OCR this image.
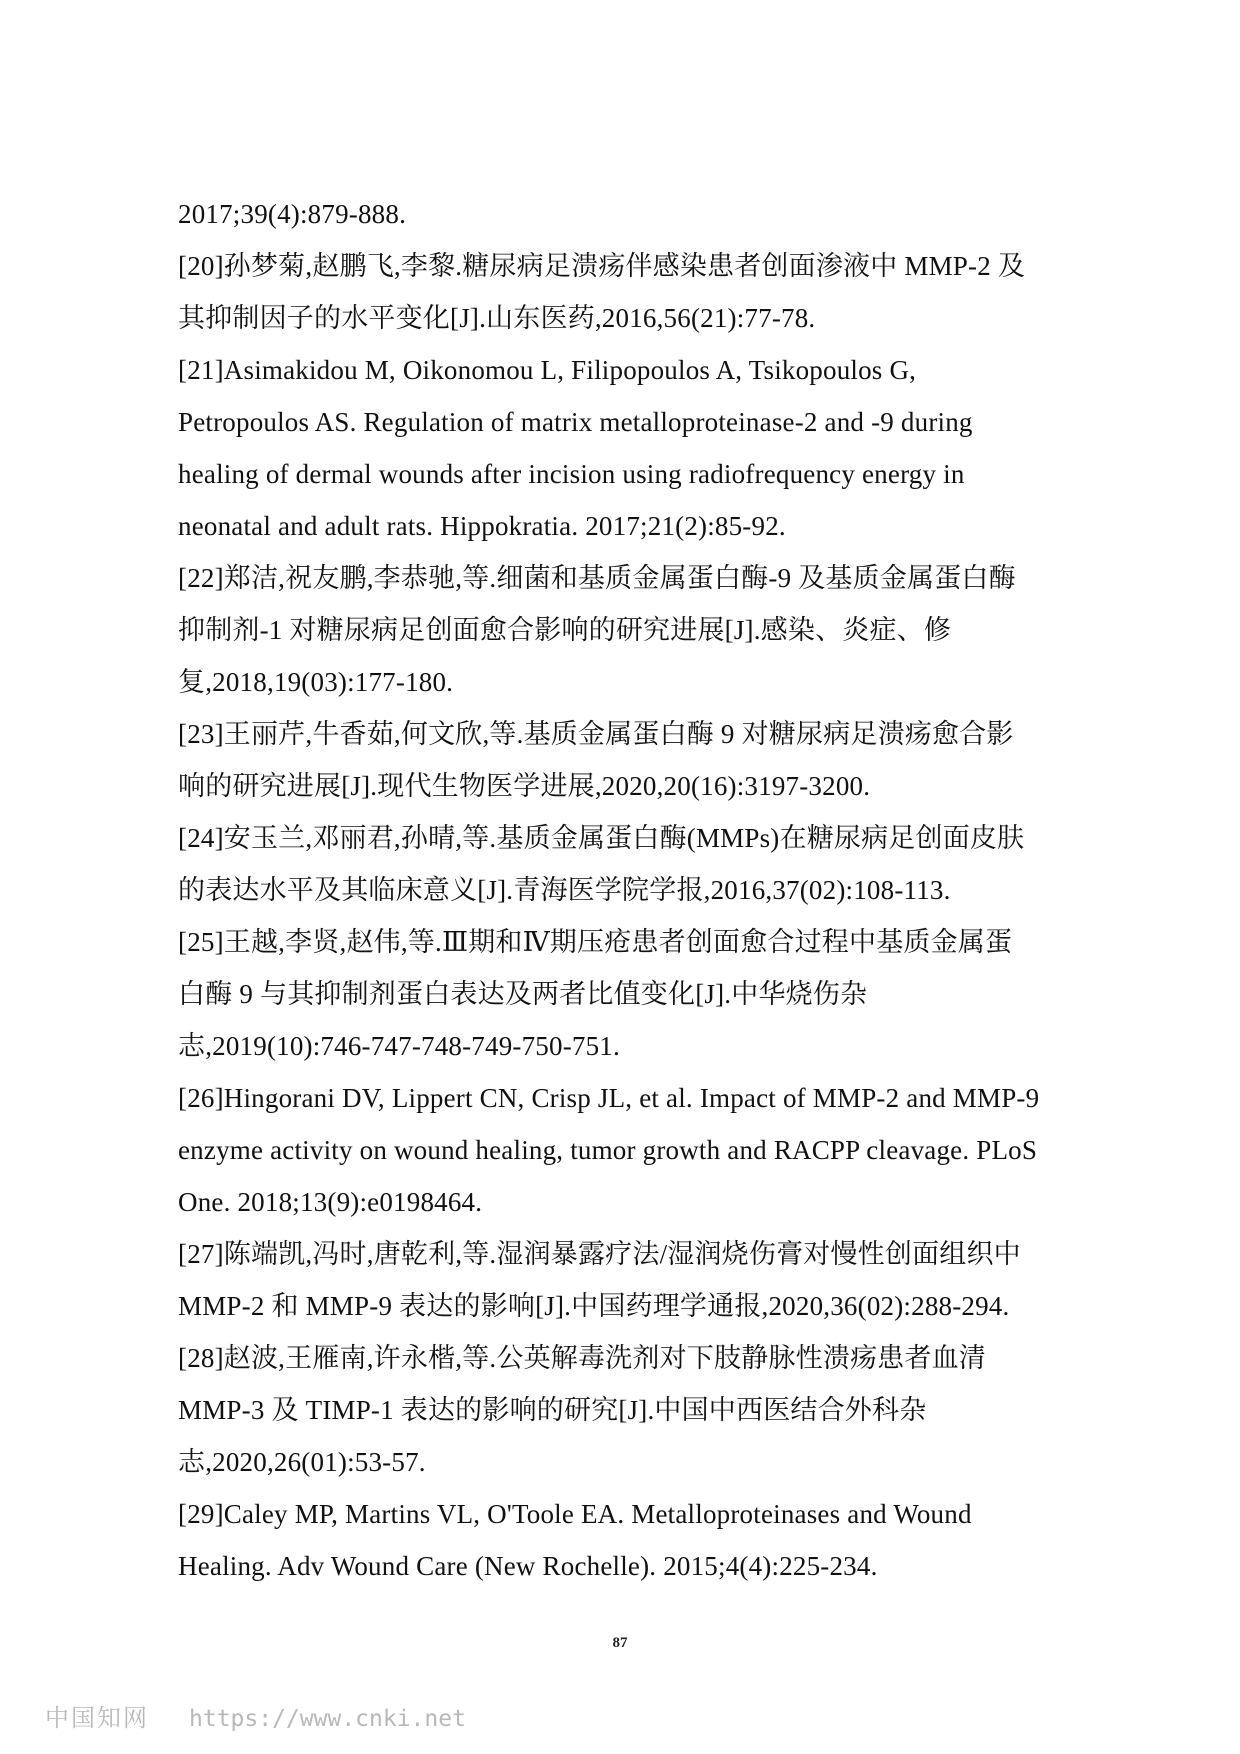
2017;39(4):879-888.
[20]孙梦菊,赵鹏飞,李黎.糖尿病足溃疡伴感染患者创面渗液中 MMP-2 及
其抑制因子的水平变化[J].山东医药,2016,56(21):77-78.
[21]Asimakidou M, Oikonomou L, Filipopoulos A, Tsikopoulos G,
Petropoulos AS. Regulation of matrix metalloproteinase-2 and -9 during
healing of dermal wounds after incision using radiofrequency energy in
neonatal and adult rats. Hippokratia. 2017;21(2):85-92.
[22]郑洁,祝友鹏,李恭驰,等.细菌和基质金属蛋白酶-9 及基质金属蛋白酶
抑制剂-1 对糖尿病足创面愈合影响的研究进展[J].感染、炎症、修
复,2018,19(03):177-180.
[23]王丽芹,牛香茹,何文欣,等.基质金属蛋白酶 9 对糖尿病足溃疡愈合影
响的研究进展[J].现代生物医学进展,2020,20(16):3197-3200.
[24]安玉兰,邓丽君,孙晴,等.基质金属蛋白酶(MMPs)在糖尿病足创面皮肤
的表达水平及其临床意义[J].青海医学院学报,2016,37(02):108-113.
[25]王越,李贤,赵伟,等.Ⅲ期和Ⅳ期压疮患者创面愈合过程中基质金属蛋
白酶 9 与其抑制剂蛋白表达及两者比值变化[J].中华烧伤杂
志,2019(10):746-747-748-749-750-751.
[26]Hingorani DV, Lippert CN, Crisp JL, et al. Impact of MMP-2 and MMP-9
enzyme activity on wound healing, tumor growth and RACPP cleavage. PLoS
One. 2018;13(9):e0198464.
[27]陈端凯,冯时,唐乾利,等.湿润暴露疗法/湿润烧伤膏对慢性创面组织中
MMP-2 和 MMP-9 表达的影响[J].中国药理学通报,2020,36(02):288-294.
[28]赵波,王雁南,许永楷,等.公英解毒洗剂对下肢静脉性溃疡患者血清
MMP-3 及 TIMP-1 表达的影响的研究[J].中国中西医结合外科杂
志,2020,26(01):53-57.
[29]Caley MP, Martins VL, O'Toole EA. Metalloproteinases and Wound
Healing. Adv Wound Care (New Rochelle). 2015;4(4):225-234.
87
中国知网 https://www.cnki.net
